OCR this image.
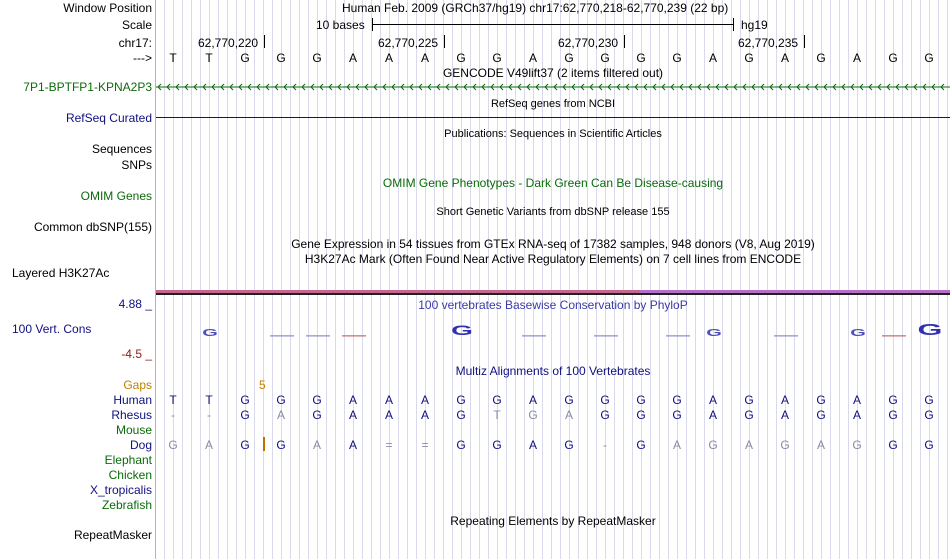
Window Position
Scale
chr17:
--->
7P1-BPTFP1-KPNA2P3
RefSeq Curated
Sequences
SNPs
OMIM Genes
Common dbSNP(155)
Layered H3K27Ac
4.88 _
100 Vert. Cons
-4.5 _
Gaps
Human
Rhesus
Mouse
Dog
Elephant
Chicken
X_tropicalis
Zebrafish
RepeatMasker
Human Feb. 2009 (GRCh37/hg19) chr17:62,770,218-62,770,239 (22 bp)
10 bases	hg19
62,770,220	62,770,225	62,770,230	62,770,235
T	T	G	G	G	A	A	A	G	G	A	G	G	G	G	A	G	A	G	A	G	G
GENCODE V49lift37 (2 items filtered out)
RefSeq genes from NCBI
Publications: Sequences in Scientific Articles
OMIM Gene Phenotypes - Dark Green Can Be Disease-causing
Short Genetic Variants from dbSNP release 155
Gene Expression in 54 tissues from GTEx RNA-seq of 17382 samples, 948 donors (V8, Aug 2019)
H3K27Ac Mark (Often Found Near Active Regulatory Elements) on 7 cell lines from ENCODE
100 vertebrates Basewise Conservation by PhyloP
G	—	—	—	G	—	—	—	G	—	G	— G
Multiz Alignments of 100 Vertebrates
5
T	T	G	G	G	A	A	A	G	G	A	G	G	G	G	A	G	A	G	A	G	G
-	-	G	A	G	A	A	A	G	T	G	A	G	G	G	A	G	A	G	A	G	G
G	A	G	G	A	A	=	=	G	G	A	G	-	G	A	G	A	G	A	G	G	G
Repeating Elements by RepeatMasker
